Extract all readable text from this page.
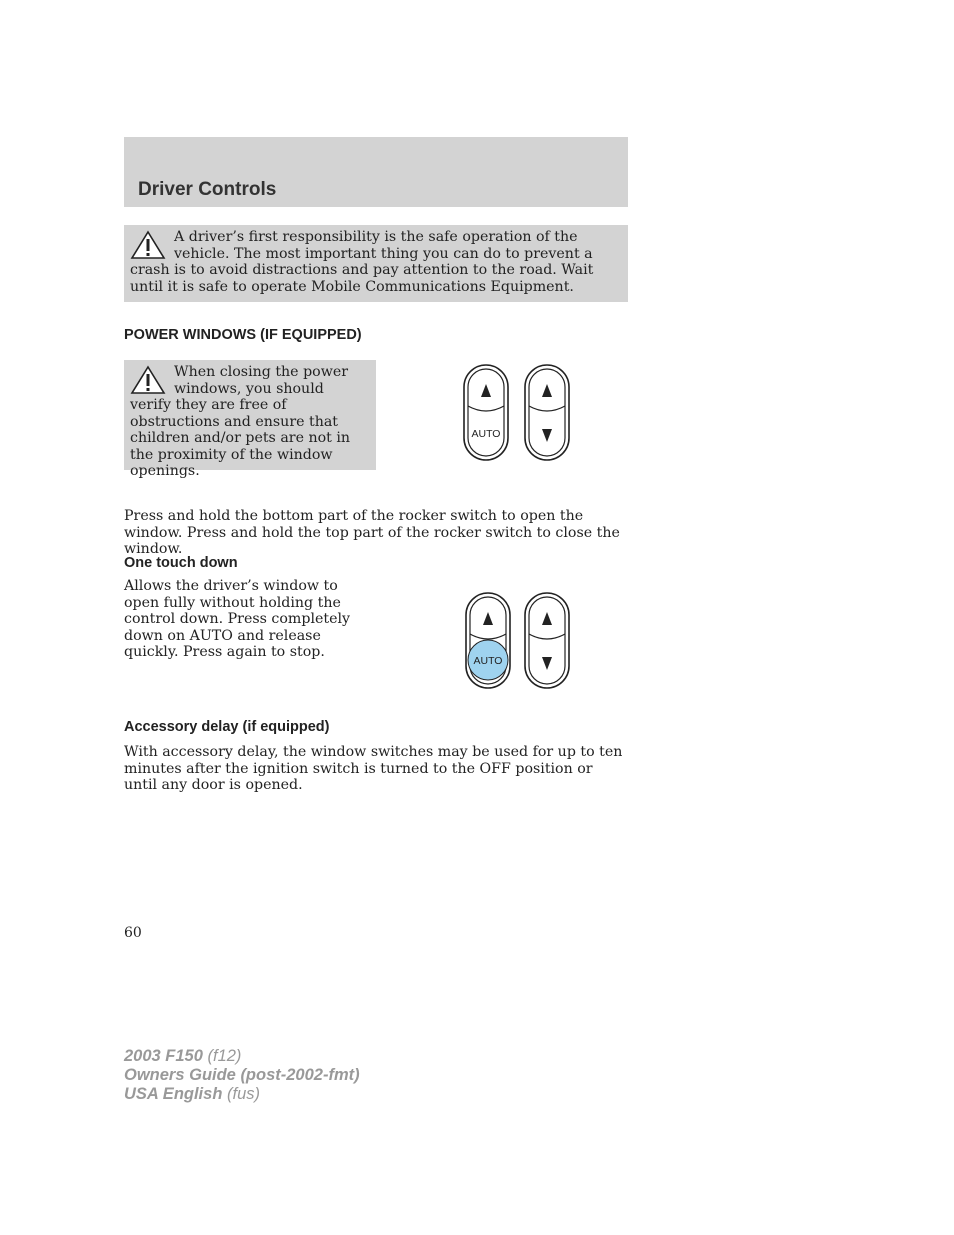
Driver Controls

A driver’s first responsibility is the safe operation of the vehicle. The most important thing you can do to prevent a crash is to avoid distractions and pay attention to the road. Wait until it is safe to operate Mobile Communications Equipment.

POWER WINDOWS (IF EQUIPPED)

When closing the power windows, you should verify they are free of obstructions and ensure that children and/or pets are not in the proximity of the window openings.

AUTO
Press and hold the bottom part of the rocker switch to open the window. Press and hold the top part of the rocker switch to close the window.
One touch down
Allows the driver’s window to open fully without holding the control down. Press completely down on AUTO and release quickly. Press again to stop.
AUTO
Accessory delay (if equipped)
With accessory delay, the window switches may be used for up to ten minutes after the ignition switch is turned to the OFF position or until any door is opened.
60
2003 F150 (f12)
Owners Guide (post-2002-fmt)
USA English (fus)
